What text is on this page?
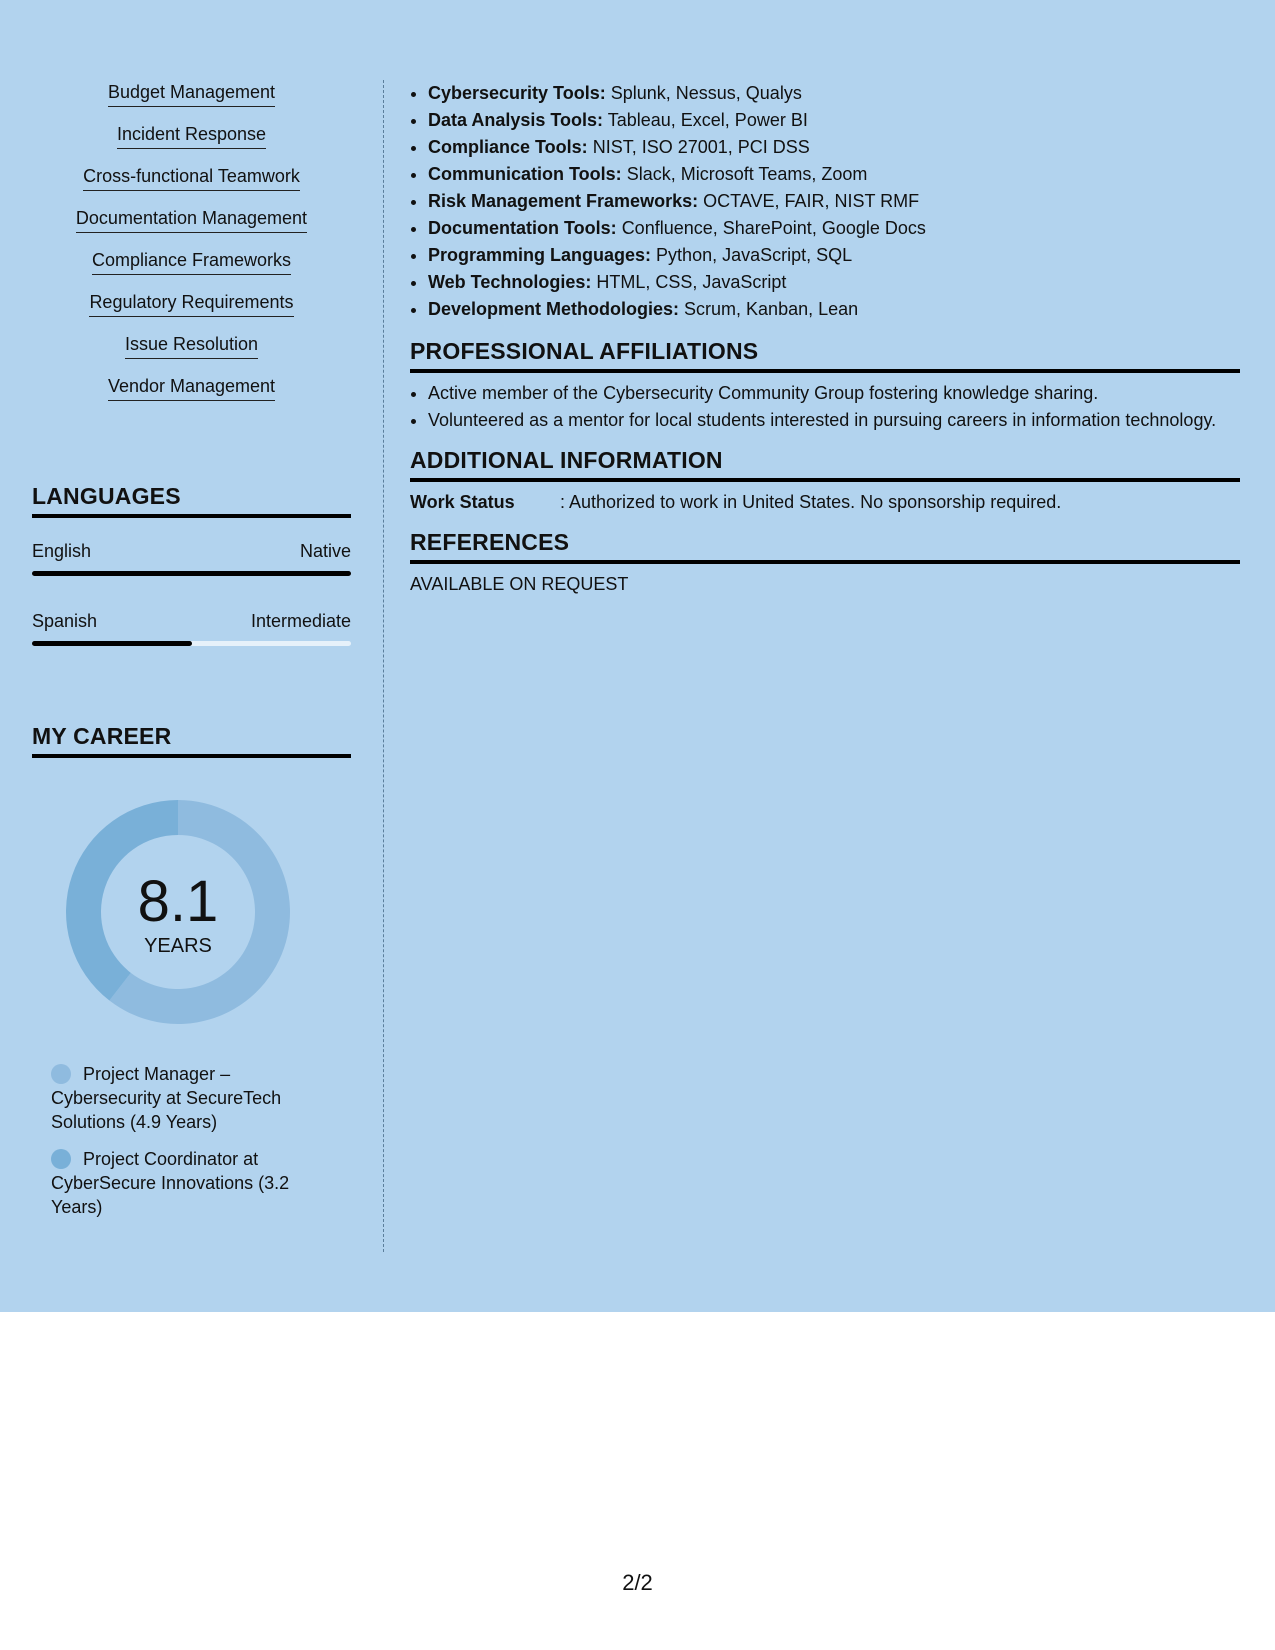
Budget Management
Incident Response
Cross-functional Teamwork
Documentation Management
Compliance Frameworks
Regulatory Requirements
Issue Resolution
Vendor Management
LANGUAGES
English	Native
Spanish	Intermediate
MY CAREER
8.1
YEARS
Project Manager – Cybersecurity at SecureTech Solutions (4.9 Years)
Project Coordinator at CyberSecure Innovations (3.2 Years)
• Cybersecurity Tools: Splunk, Nessus, Qualys
• Data Analysis Tools: Tableau, Excel, Power BI
• Compliance Tools: NIST, ISO 27001, PCI DSS
• Communication Tools: Slack, Microsoft Teams, Zoom
• Risk Management Frameworks: OCTAVE, FAIR, NIST RMF
• Documentation Tools: Confluence, SharePoint, Google Docs
• Programming Languages: Python, JavaScript, SQL
• Web Technologies: HTML, CSS, JavaScript
• Development Methodologies: Scrum, Kanban, Lean
PROFESSIONAL AFFILIATIONS
• Active member of the Cybersecurity Community Group fostering knowledge sharing.
• Volunteered as a mentor for local students interested in pursuing careers in information technology.
ADDITIONAL INFORMATION
Work Status	: Authorized to work in United States. No sponsorship required.
REFERENCES
AVAILABLE ON REQUEST
2/2
